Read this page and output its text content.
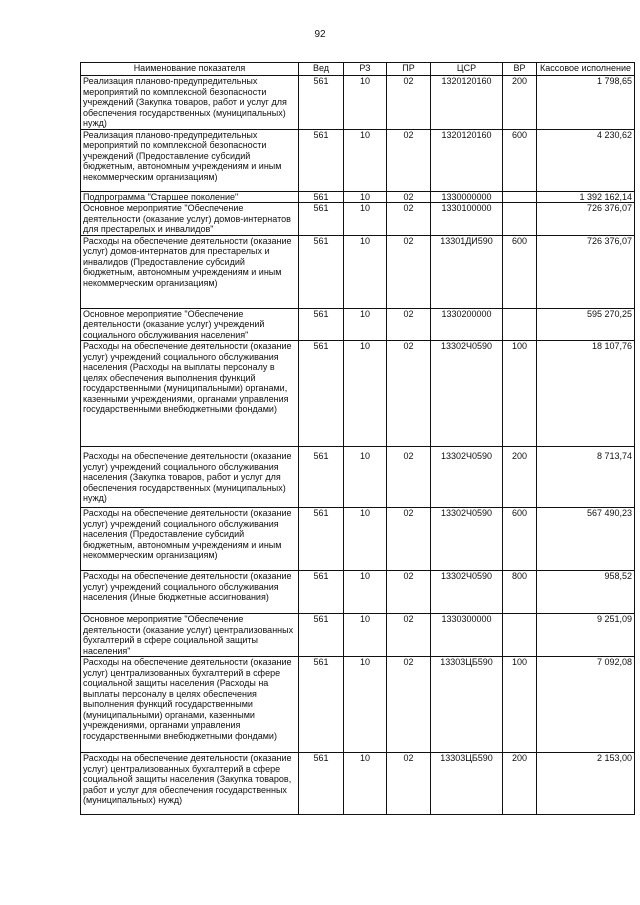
92
Наименование показателя	Вед	РЗ	ПР	ЦСР	ВР	Кассовое исполнение
Реализация планово-предупредительных мероприятий по комплексной безопасности учреждений (Закупка товаров, работ и услуг для обеспечения государственных (муниципальных) нужд)	561	10	02	1320120160	200	1 798,65
Реализация планово-предупредительных мероприятий по комплексной безопасности учреждений (Предоставление субсидий бюджетным, автономным учреждениям и иным некоммерческим организациям)	561	10	02	1320120160	600	4 230,62
Подпрограмма "Старшее поколение"	561	10	02	1330000000		1 392 162,14
Основное мероприятие "Обеспечение деятельности (оказание услуг) домов-интернатов для престарелых и инвалидов"	561	10	02	1330100000		726 376,07
Расходы на обеспечение деятельности (оказание услуг) домов-интернатов для престарелых и инвалидов (Предоставление субсидий бюджетным, автономным учреждениям и иным некоммерческим организациям)	561	10	02	13301ДИ590	600	726 376,07
Основное мероприятие "Обеспечение деятельности (оказание услуг) учреждений социального обслуживания населения"	561	10	02	1330200000		595 270,25
Расходы на обеспечение деятельности (оказание услуг) учреждений социального обслуживания населения (Расходы на выплаты персоналу в целях обеспечения выполнения функций государственными (муниципальными) органами, казенными учреждениями, органами управления государственными внебюджетными фондами)	561	10	02	13302Ч0590	100	18 107,76
Расходы на обеспечение деятельности (оказание услуг) учреждений социального обслуживания населения (Закупка товаров, работ и услуг для обеспечения государственных (муниципальных) нужд)	561	10	02	13302Ч0590	200	8 713,74
Расходы на обеспечение деятельности (оказание услуг) учреждений социального обслуживания населения (Предоставление субсидий бюджетным, автономным учреждениям и иным некоммерческим организациям)	561	10	02	13302Ч0590	600	567 490,23
Расходы на обеспечение деятельности (оказание услуг) учреждений социального обслуживания населения (Иные бюджетные ассигнования)	561	10	02	13302Ч0590	800	958,52
Основное мероприятие "Обеспечение деятельности (оказание услуг) централизованных бухгалтерий в сфере социальной защиты населения"	561	10	02	1330300000		9 251,09
Расходы на обеспечение деятельности (оказание услуг) централизованных бухгалтерий в сфере социальной защиты населения (Расходы на выплаты персоналу в целях обеспечения выполнения функций государственными (муниципальными) органами, казенными учреждениями, органами управления государственными внебюджетными фондами)	561	10	02	13303ЦБ590	100	7 092,08
Расходы на обеспечение деятельности (оказание услуг) централизованных бухгалтерий в сфере социальной защиты населения (Закупка товаров, работ и услуг для обеспечения государственных (муниципальных) нужд)	561	10	02	13303ЦБ590	200	2 153,00
